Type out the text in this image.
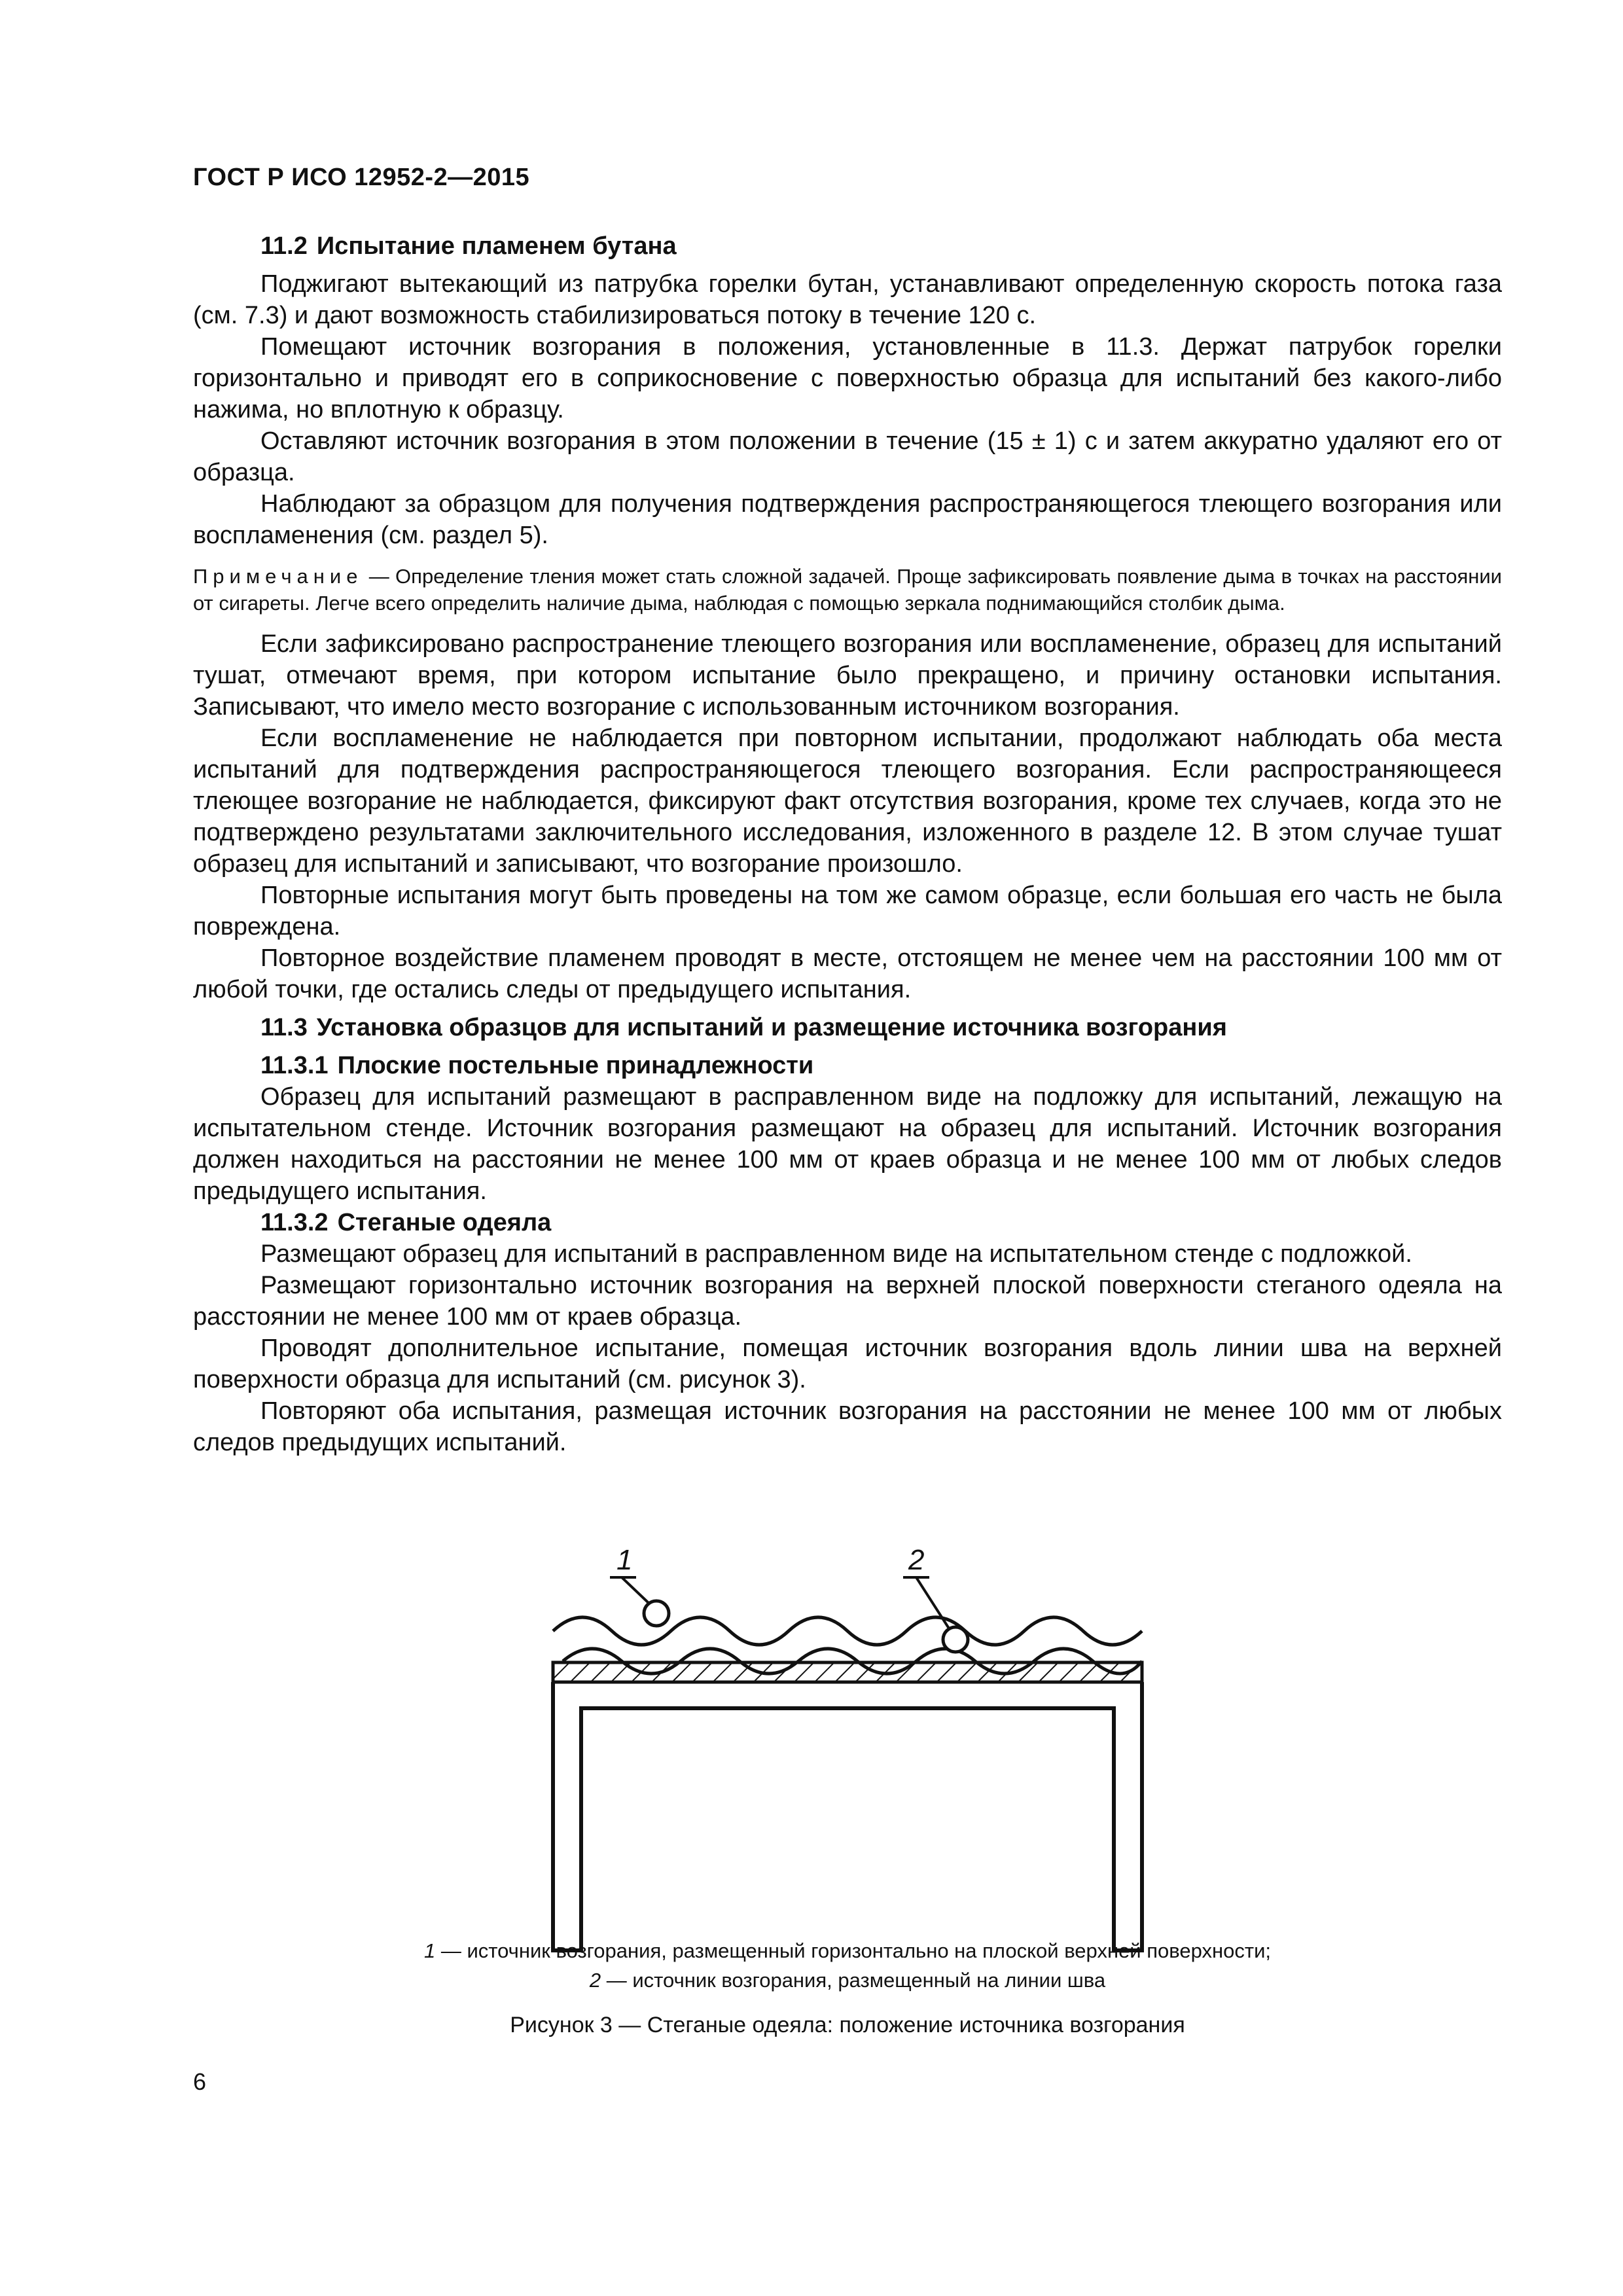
ГОСТ Р ИСО 12952-2—2015

11.2 Испытание пламенем бутана

Поджигают вытекающий из патрубка горелки бутан, устанавливают определенную скорость потока газа (см. 7.3) и дают возможность стабилизироваться потоку в течение 120 с.

Помещают источник возгорания в положения, установленные в 11.3. Держат патрубок горелки горизонтально и приводят его в соприкосновение с поверхностью образца для испытаний без какого-либо нажима, но вплотную к образцу.

Оставляют источник возгорания в этом положении в течение (15 ± 1) с и затем аккуратно удаляют его от образца.

Наблюдают за образцом для получения подтверждения распространяющегося тлеющего возгорания или воспламенения (см. раздел 5).

Примечание — Определение тления может стать сложной задачей. Проще зафиксировать появление дыма в точках на расстоянии от сигареты. Легче всего определить наличие дыма, наблюдая с помощью зеркала поднимающийся столбик дыма.

Если зафиксировано распространение тлеющего возгорания или воспламенение, образец для испытаний тушат, отмечают время, при котором испытание было прекращено, и причину остановки испытания. Записывают, что имело место возгорание с использованным источником возгорания.

Если воспламенение не наблюдается при повторном испытании, продолжают наблюдать оба места испытаний для подтверждения распространяющегося тлеющего возгорания. Если распространяющееся тлеющее возгорание не наблюдается, фиксируют факт отсутствия возгорания, кроме тех случаев, когда это не подтверждено результатами заключительного исследования, изложенного в разделе 12. В этом случае тушат образец для испытаний и записывают, что возгорание произошло.

Повторные испытания могут быть проведены на том же самом образце, если большая его часть не была повреждена.

Повторное воздействие пламенем проводят в месте, отстоящем не менее чем на расстоянии 100 мм от любой точки, где остались следы от предыдущего испытания.

11.3 Установка образцов для испытаний и размещение источника возгорания

11.3.1 Плоские постельные принадлежности

Образец для испытаний размещают в расправленном виде на подложку для испытаний, лежащую на испытательном стенде. Источник возгорания размещают на образец для испытаний. Источник возгорания должен находиться на расстоянии не менее 100 мм от краев образца и не менее 100 мм от любых следов предыдущего испытания.

11.3.2 Стеганые одеяла

Размещают образец для испытаний в расправленном виде на испытательном стенде с подложкой.

Размещают горизонтально источник возгорания на верхней плоской поверхности стеганого одеяла на расстоянии не менее 100 мм от краев образца.

Проводят дополнительное испытание, помещая источник возгорания вдоль линии шва на верхней поверхности образца для испытаний (см. рисунок 3).

Повторяют оба испытания, размещая источник возгорания на расстоянии не менее 100 мм от любых следов предыдущих испытаний.

1	2
1 — источник возгорания, размещенный горизонтально на плоской верхней поверхности;
2 — источник возгорания, размещенный на линии шва
Рисунок 3 — Стеганые одеяла: положение источника возгорания
6
